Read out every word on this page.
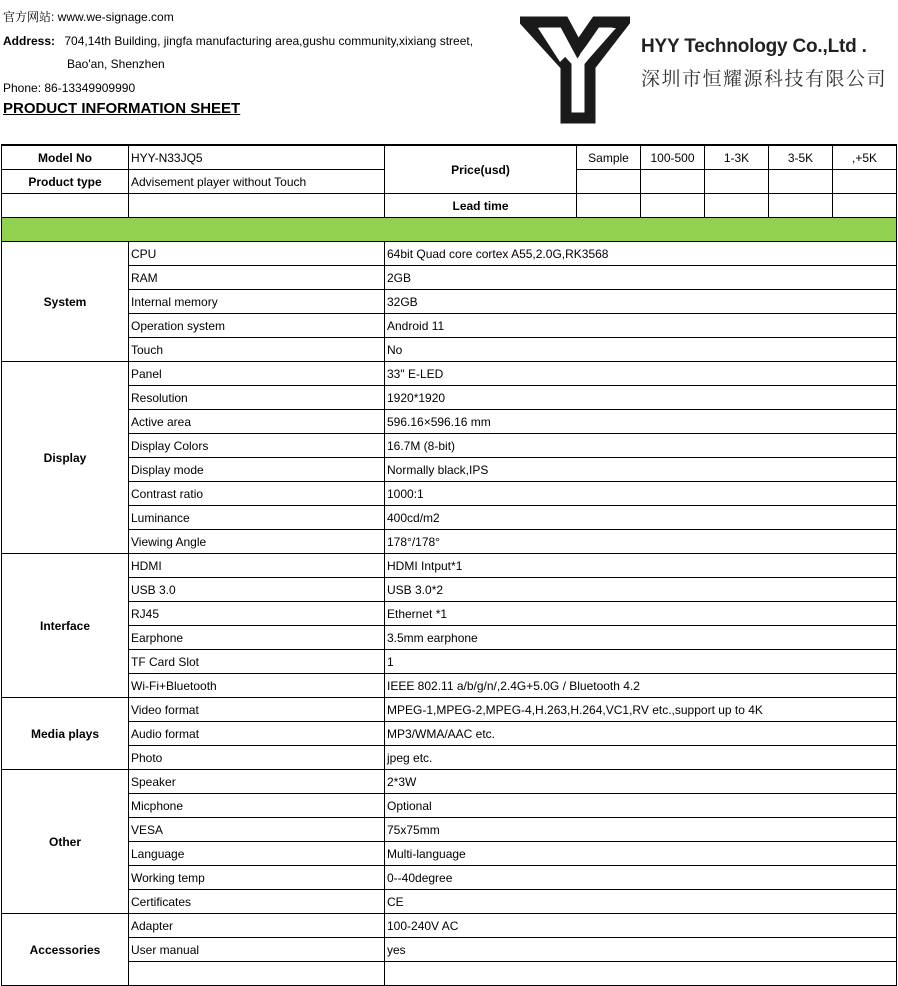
官方网站: www.we-signage.com
Address: 704,14th Building, jingfa manufacturing area,gushu community,xixiang street,
Bao'an, Shenzhen
Phone: 86-13349909990
PRODUCT INFORMATION SHEET
HYY Technology Co.,Ltd .
深圳市恒耀源科技有限公司
Model No	HYY-N33JQ5	Price(usd)	Sample	100-500	1-3K	3-5K	,+5K
Product type	Advisement player without Touch						
		Lead time					

System	CPU	64bit Quad core cortex A55,2.0G,RK3568					
	RAM	2GB					
	Internal memory	32GB					
	Operation system	Android 11					
	Touch	No					
Display	Panel	33" E-LED					
	Resolution	1920*1920					
	Active area	596.16×596.16 mm					
	Display Colors	16.7M (8-bit)					
	Display mode	Normally black,IPS					
	Contrast ratio	1000:1					
	Luminance	400cd/m2					
	Viewing Angle	178°/178°					
Interface	HDMI	HDMI Intput*1					
	USB 3.0	USB 3.0*2					
	RJ45	Ethernet *1					
	Earphone	3.5mm earphone					
	TF Card Slot	1					
	Wi-Fi+Bluetooth	IEEE 802.11 a/b/g/n/,2.4G+5.0G / Bluetooth 4.2					
Media plays	Video format	MPEG-1,MPEG-2,MPEG-4,H.263,H.264,VC1,RV etc.,support up to 4K					
	Audio format	MP3/WMA/AAC etc.					
	Photo	jpeg etc.					
Other	Speaker	2*3W					
	Micphone	Optional					
	VESA	75x75mm					
	Language	Multi-language					
	Working temp	0--40degree					
	Certificates	CE					
Accessories	Adapter	100-240V AC					
	User manual	yes					
